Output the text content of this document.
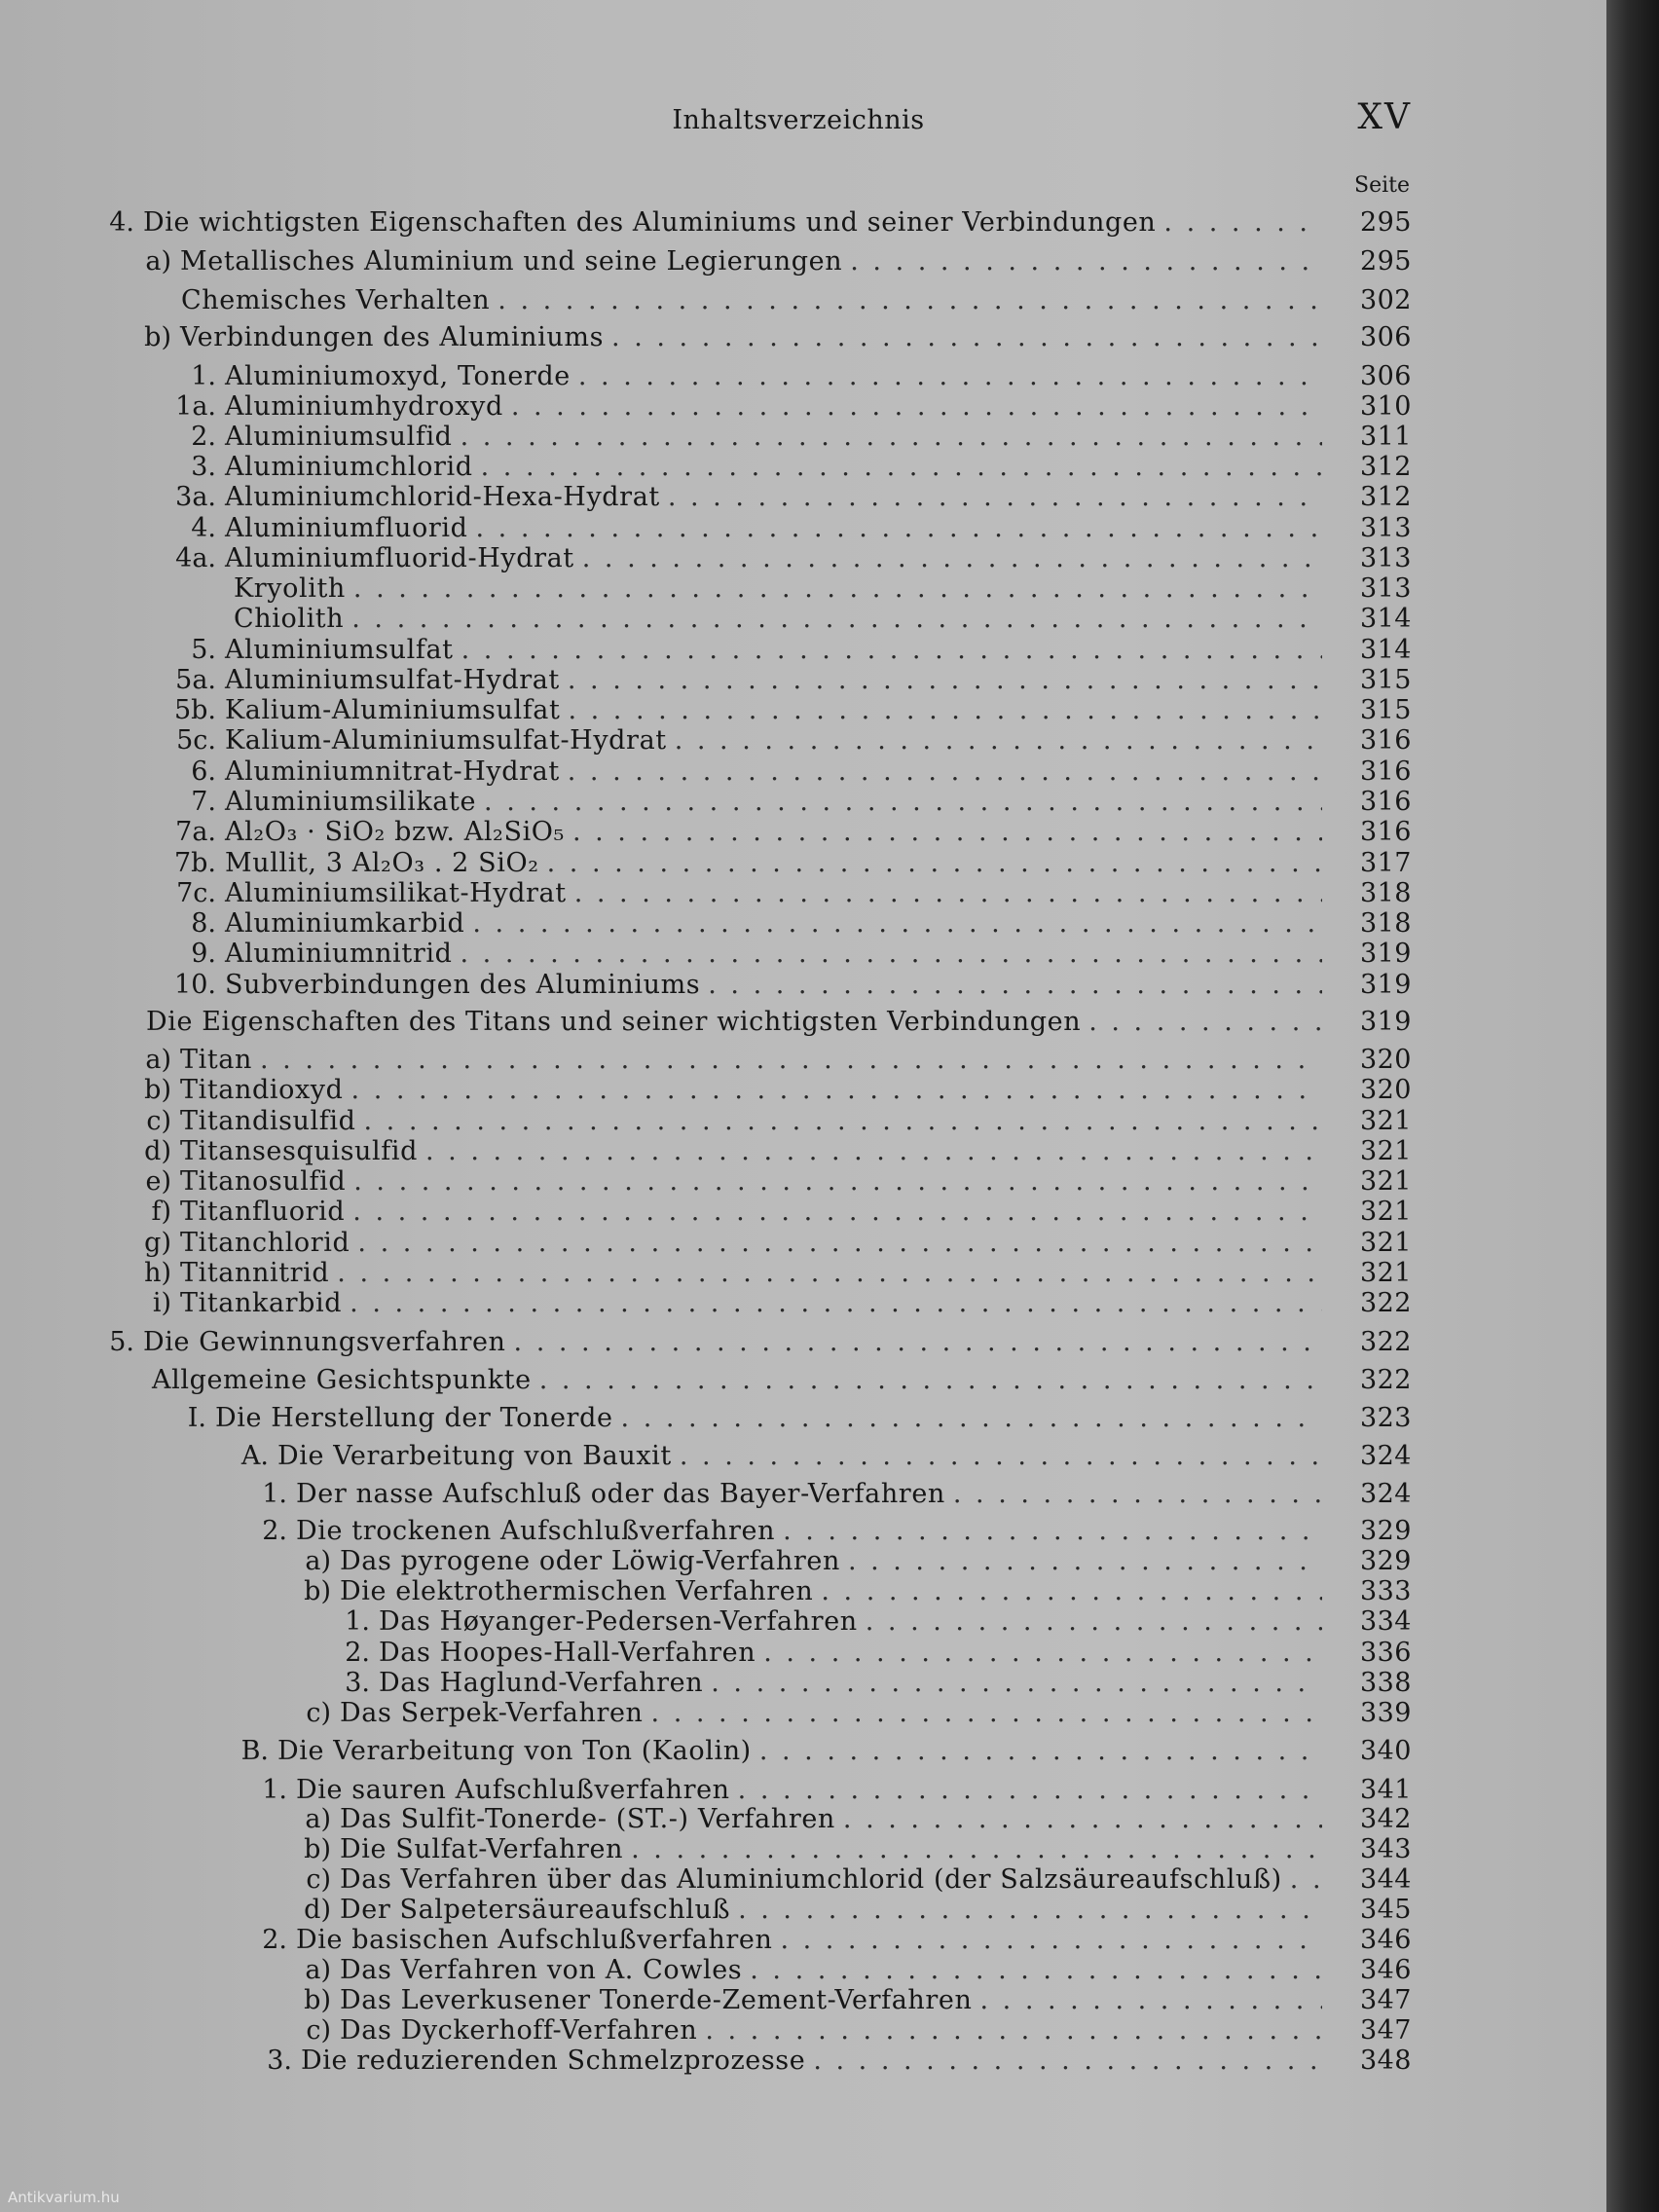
Inhaltsverzeichnis	XV
Seite
4. Die wichtigsten Eigenschaften des Aluminiums und seiner Verbindungen . . .	295
a) Metallisches Aluminium und seine Legierungen . . .	295
Chemisches Verhalten . . .	302
b) Verbindungen des Aluminiums . . .	306
1. Aluminiumoxyd, Tonerde . . .	306
1a. Aluminiumhydroxyd . . .	310
2. Aluminiumsulfid . . .	311
3. Aluminiumchlorid . . .	312
3a. Aluminiumchlorid-Hexa-Hydrat . . .	312
4. Aluminiumfluorid . . .	313
4a. Aluminiumfluorid-Hydrat . . .	313
Kryolith . . .	313
Chiolith . . .	314
5. Aluminiumsulfat . . .	314
5a. Aluminiumsulfat-Hydrat . . .	315
5b. Kalium-Aluminiumsulfat . . .	315
5c. Kalium-Aluminiumsulfat-Hydrat . . .	316
6. Aluminiumnitrat-Hydrat . . .	316
7. Aluminiumsilikate . . .	316
7a. Al₂O₃ · SiO₂ bzw. Al₂SiO₅ . . .	316
7b. Mullit, 3 Al₂O₃ . 2 SiO₂ . . .	317
7c. Aluminiumsilikat-Hydrat . . .	318
8. Aluminiumkarbid . . .	318
9. Aluminiumnitrid . . .	319
10. Subverbindungen des Aluminiums . . .	319
Die Eigenschaften des Titans und seiner wichtigsten Verbindungen . . .	319
a) Titan . . .	320
b) Titandioxyd . . .	320
c) Titandisulfid . . .	321
d) Titansesquisulfid . . .	321
e) Titanosulfid . . .	321
f) Titanfluorid . . .	321
g) Titanchlorid . . .	321
h) Titannitrid . . .	321
i) Titankarbid . . .	322
5. Die Gewinnungsverfahren . . .	322
Allgemeine Gesichtspunkte . . .	322
I. Die Herstellung der Tonerde . . .	323
A. Die Verarbeitung von Bauxit . . .	324
1. Der nasse Aufschluß oder das Bayer-Verfahren . . .	324
2. Die trockenen Aufschlußverfahren . . .	329
a) Das pyrogene oder Löwig-Verfahren . . .	329
b) Die elektrothermischen Verfahren . . .	333
1. Das Høyanger-Pedersen-Verfahren . . .	334
2. Das Hoopes-Hall-Verfahren . . .	336
3. Das Haglund-Verfahren . . .	338
c) Das Serpek-Verfahren . . .	339
B. Die Verarbeitung von Ton (Kaolin) . . .	340
1. Die sauren Aufschlußverfahren . . .	341
a) Das Sulfit-Tonerde- (ST.-) Verfahren . . .	342
b) Die Sulfat-Verfahren . . .	343
c) Das Verfahren über das Aluminiumchlorid (der Salzsäureaufschluß) . . .	344
d) Der Salpetersäureaufschluß . . .	345
2. Die basischen Aufschlußverfahren . . .	346
a) Das Verfahren von A. Cowles . . .	346
b) Das Leverkusener Tonerde-Zement-Verfahren . . .	347
c) Das Dyckerhoff-Verfahren . . .	347
3. Die reduzierenden Schmelzprozesse . . .	348
Antikvarium.hu
